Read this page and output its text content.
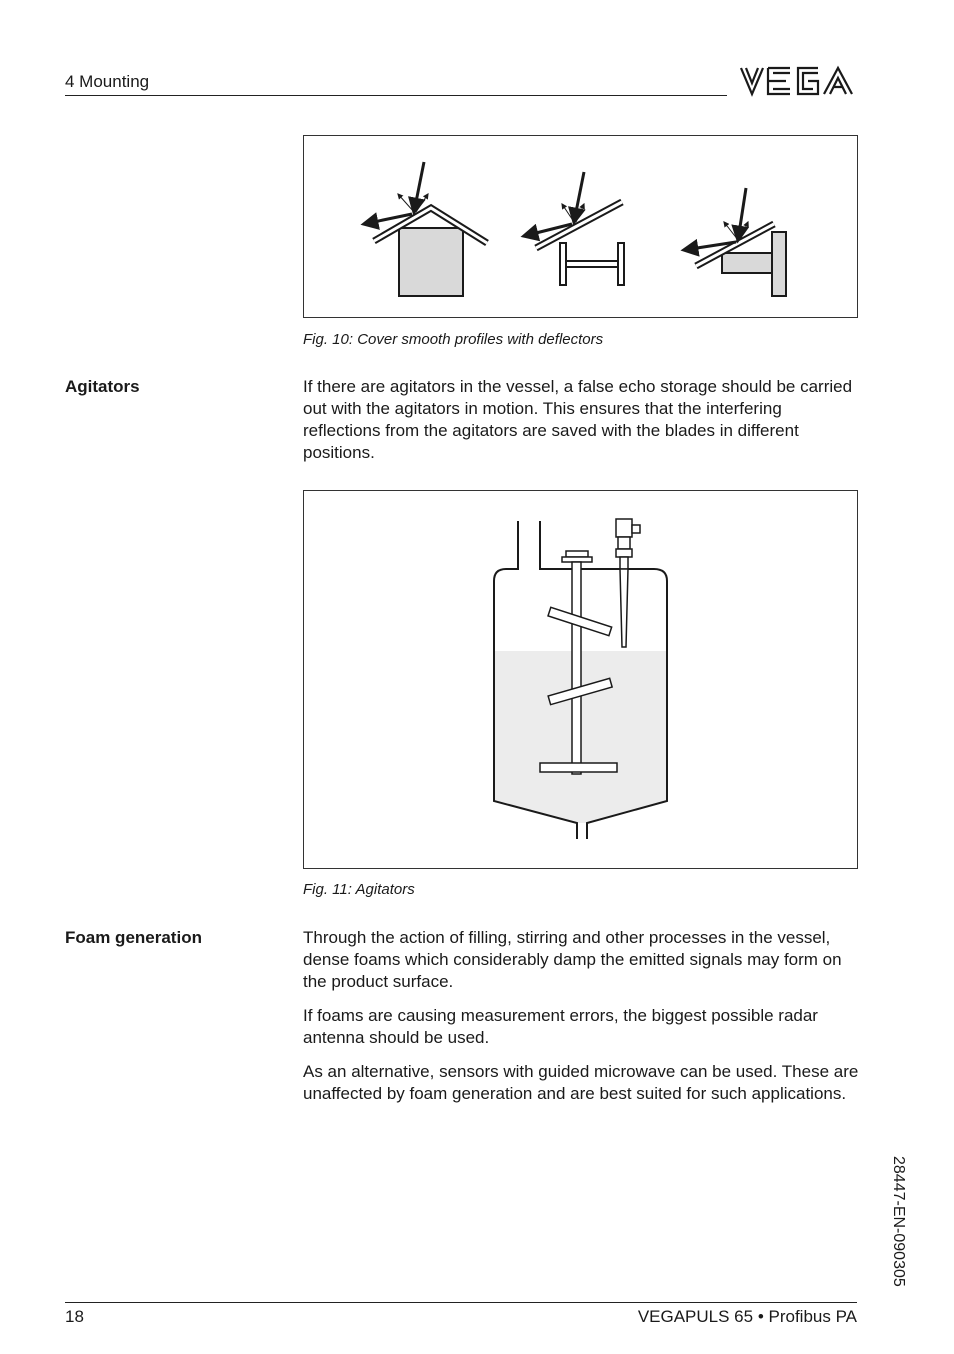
4 Mounting
Fig. 10: Cover smooth profiles with deflectors
Agitators	If there are agitators in the vessel, a false echo storage should be carried out with the agitators in motion. This ensures that the interfering reflections from the agitators are saved with the blades in different positions.

Fig. 11: Agitators
Foam generation	Through the action of filling, stirring and other processes in the vessel, dense foams which considerably damp the emitted signals may form on the product surface.

If foams are causing measurement errors, the biggest possible radar antenna should be used.

As an alternative, sensors with guided microwave can be used. These are unaffected by foam generation and are best suited for such applications.

28447-EN-090305
18	VEGAPULS 65 • Profibus PA
